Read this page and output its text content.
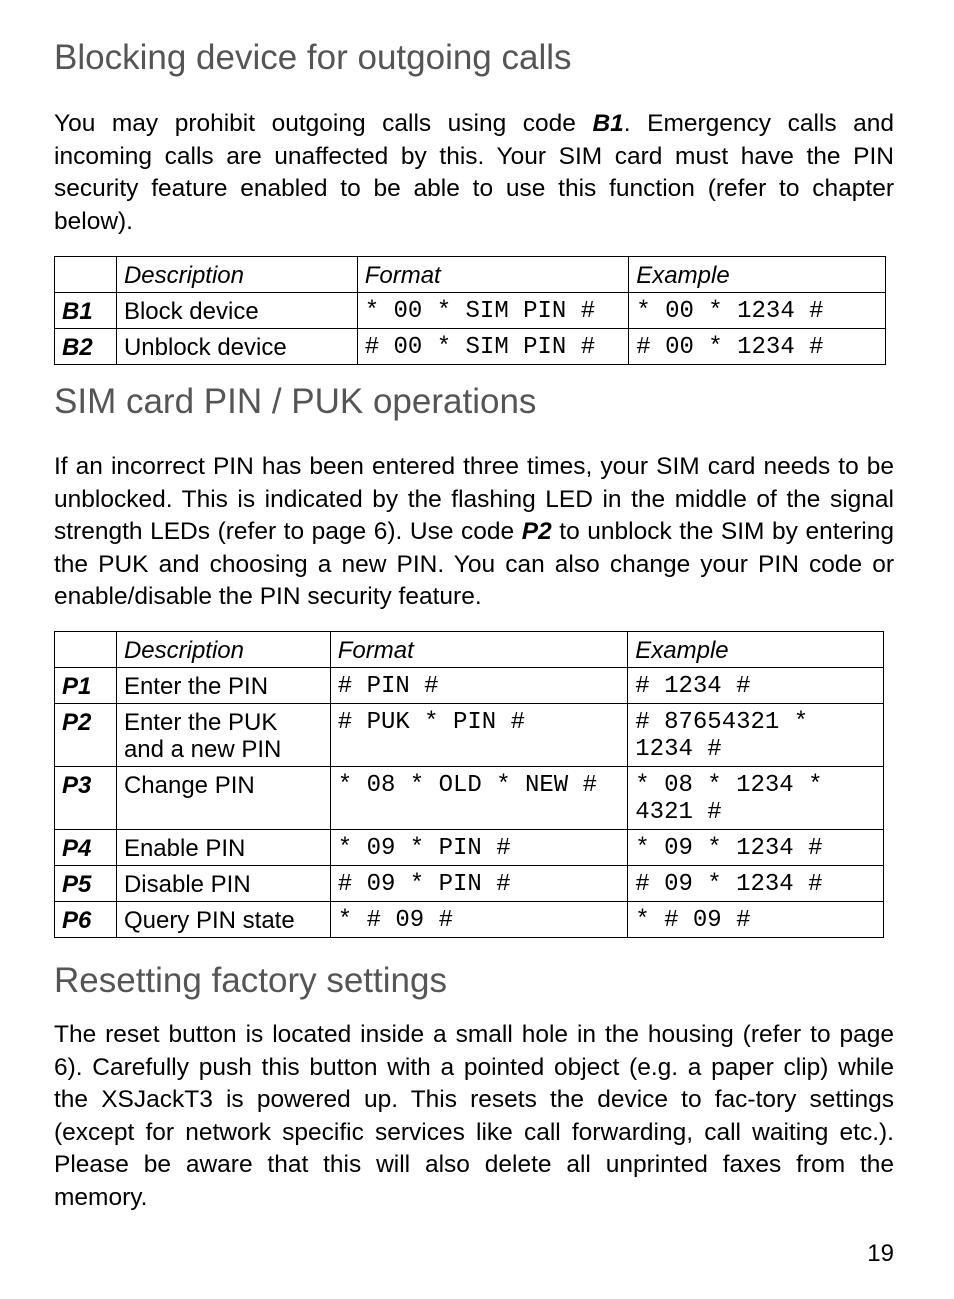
Blocking device for outgoing calls

You may prohibit outgoing calls using code B1. Emergency calls and incoming calls are unaffected by this. Your SIM card must have the PIN security feature enabled to be able to use this function (refer to chapter below).

	Description	Format	Example
B1	Block device	* 00 * SIM PIN #	* 00 * 1234 #
B2	Unblock device	# 00 * SIM PIN #	# 00 * 1234 #
SIM card PIN / PUK operations

If an incorrect PIN has been entered three times, your SIM card needs to be unblocked. This is indicated by the flashing LED in the middle of the signal strength LEDs (refer to page 6). Use code P2 to unblock the SIM by entering the PUK and choosing a new PIN. You can also change your PIN code or enable/disable the PIN security feature.

	Description	Format	Example
P1	Enter the PIN	# PIN #	# 1234 #
P2	Enter the PUK and a new PIN	# PUK * PIN #	# 87654321 * 1234 #
P3	Change PIN	* 08 * OLD * NEW #	* 08 * 1234 * 4321 #
P4	Enable PIN	* 09 * PIN #	* 09 * 1234 #
P5	Disable PIN	# 09 * PIN #	# 09 * 1234 #
P6	Query PIN state	* # 09 #	* # 09 #
Resetting factory settings

The reset button is located inside a small hole in the housing (refer to page 6). Carefully push this button with a pointed object (e.g. a paper clip) while the XSJackT3 is powered up. This resets the device to fac-tory settings (except for network specific services like call forwarding, call waiting etc.). Please be aware that this will also delete all unprinted faxes from the memory.

19
